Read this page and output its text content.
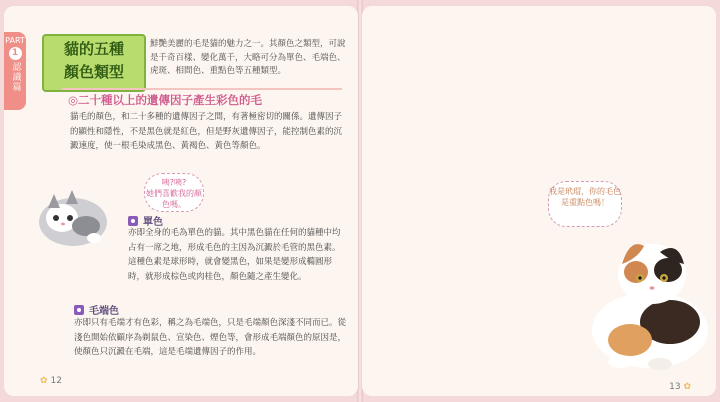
PART
1
認識篇
貓的五種
顏色類型
鮮艷美麗的毛是貓的魅力之一。其顏色之類型，可說是千奇百樣、變化萬千，大略可分為單色、毛端色、虎斑、相間色、重點色等五種類型。
◎二十種以上的遺傳因子產生彩色的毛
貓毛的顏色，和二十多種的遺傳因子之間，有著極密切的關係。遺傳因子的顯性和隱性，不是黑色就是紅色，但是野灰遺傳因子，能控制色素的沉澱速度，使一根毛染成黑色、黃褐色、黃色等顏色。
咦?咦?
她們喜歡我的顏色嗎。
單色
亦即全身的毛為單色的貓。其中黑色貓在任何的貓種中均占有一席之地，形成毛色的主因為沉澱於毛管的黑色素。這種色素是球形時，就會變黑色，如果是變形成橢圓形時，就形成棕色或肉桂色，顏色隨之產生變化。
毛端色
亦即只有毛端才有色彩，稱之為毛端色，只是毛端顏色深淺不同而已。從淺色開始依顧序為剃鼠色、宣染色、煙色等，會形成毛端顏色的原因是，使顏色只沉澱在毛端，這是毛端遺傳因子的作用。
✿ 12
我是玳瑁，你的毛色是重點色嗎！
13 ✿
